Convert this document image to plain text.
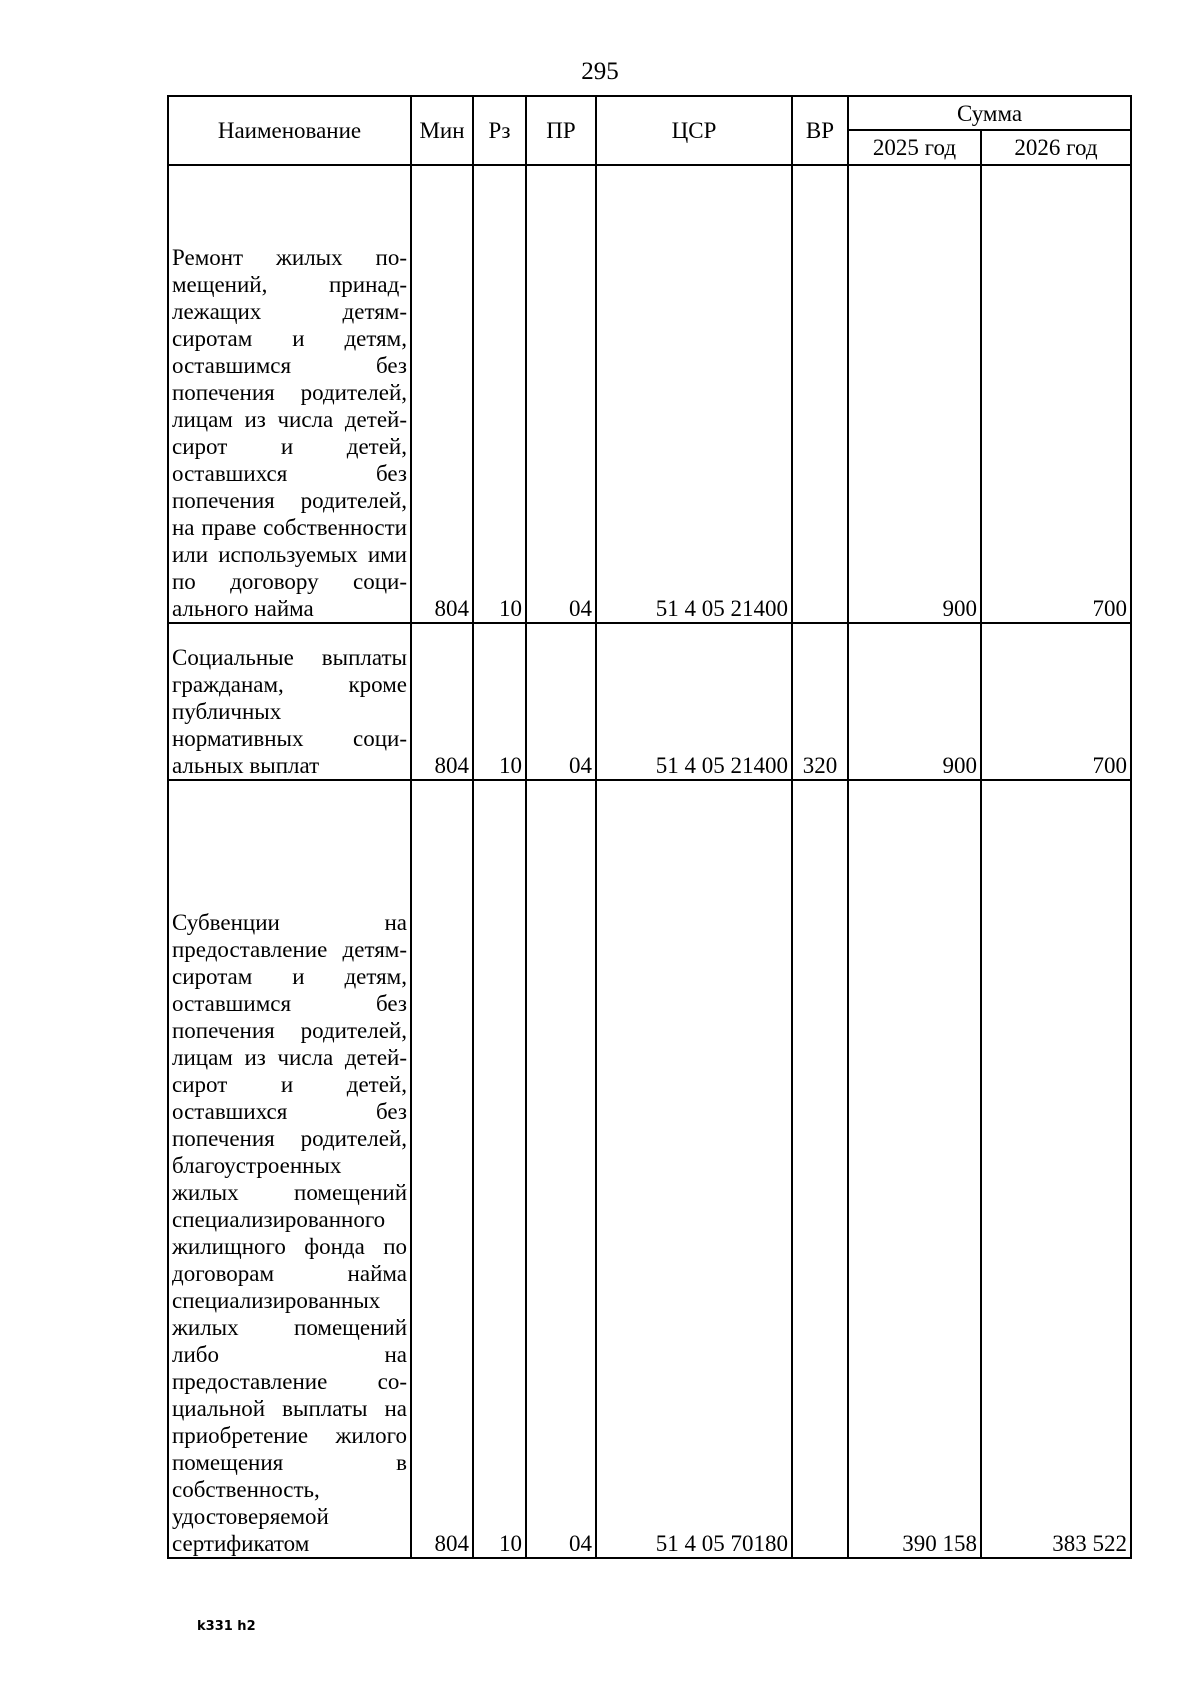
295
Наименование	Мин	Рз	ПР	ЦСР	ВР	Сумма	
						2025 год	2026 год
Ремонт жилых помещений, принадлежащих детям-сиротам и детям, оставшимся без попечения родителей, лицам из числа детей-сирот и детей, оставшихся без попечения родителей, на праве собственности или используемых ими по договору социального найма	804	10	04	51 4 05 21400		900	700
Социальные выплаты гражданам, кроме публичных нормативных социальных выплат	804	10	04	51 4 05 21400	320	900	700
Субвенции на предоставление детям-сиротам и детям, оставшимся без попечения родителей, лицам из числа детей-сирот и детей, оставшихся без попечения родителей, благоустроенных жилых помещений специализированного жилищного фонда по договорам найма специализированных жилых помещений либо на предоставление социальной выплаты на приобретение жилого помещения в собственность, удостоверяемой сертификатом	804	10	04	51 4 05 70180		390 158	383 522
k331 h2
